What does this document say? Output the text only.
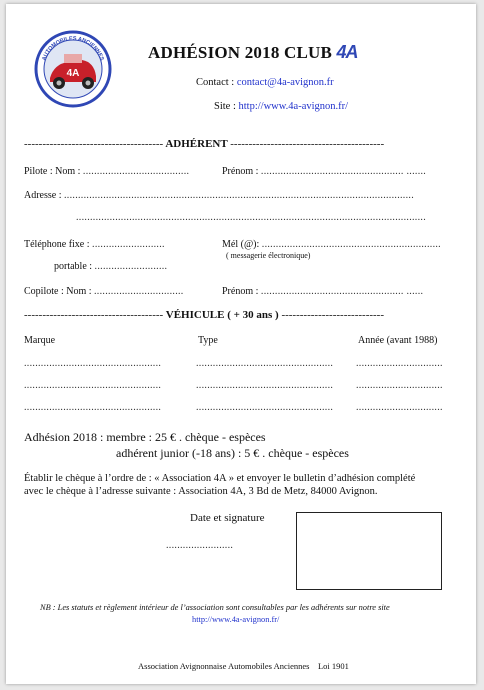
4A
AUTOMOBILES ANCIENNES	ADHÉSION 2018 CLUB 4A
Contact : contact@4a-avignon.fr
Site : http://www.4a-avignon.fr/
-------------------------------------- ADHÉRENT ------------------------------------------
Pilote : Nom : ......................................	Prénom : ................................................... .......
Adresse : .............................................................................................................................
.............................................................................................................................
Téléphone fixe : ..........................	Mél (@): ................................................................
( messagerie électronique)
portable : ..........................
Copilote : Nom : ................................	Prénom : ................................................... ......
-------------------------------------- VÉHICULE ( + 30 ans ) ----------------------------
Marque	Type	Année (avant 1988)
.................................................	................................................. ...............................
.................................................	................................................. ...............................
.................................................	................................................. ...............................
Adhésion 2018 : membre : 25 € . chèque - espèces
adhérent junior (-18 ans) : 5 € . chèque - espèces
Établir le chèque à l’ordre de : « Association 4A » et envoyer le bulletin d’adhésion complété
avec le chèque à l’adresse suivante : Association 4A, 3 Bd de Metz, 84000 Avignon.
Date et signature
........................
NB : Les statuts et règlement intérieur de l’association sont consultables par les adhérents sur notre site
http://www.4a-avignon.fr/
Association Avignonnaise Automobiles Anciennes Loi 1901
